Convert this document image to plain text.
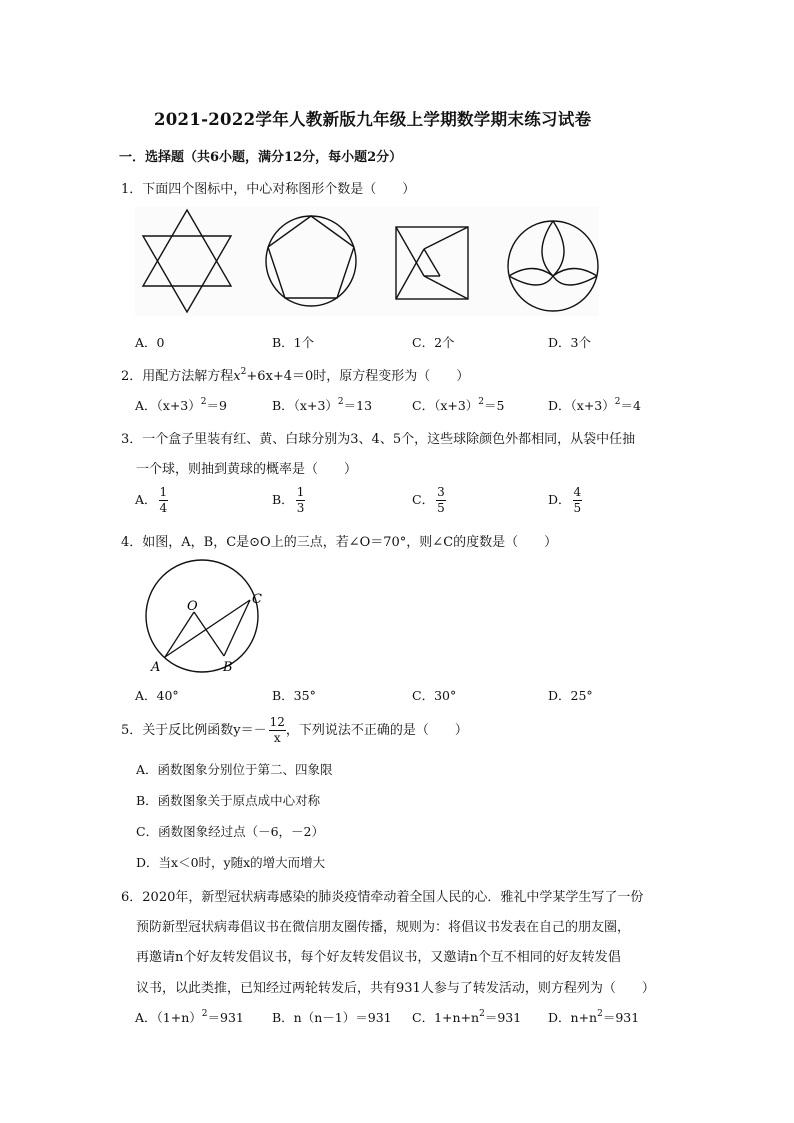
2021-2022学年人教新版九年级上学期数学期末练习试卷
一．选择题（共6小题，满分12分，每小题2分）
1．下面四个图标中，中心对称图形个数是（　　）
A．0	B．1个	C．2个	D．3个
2．用配方法解方程$x^2+6x+4=0$时，原方程变形为（　　）
A．$(x+3)^2=9$	B．$(x+3)^2=13$	C．$(x+3)^2=5$	D．$(x+3)^2=4$
3．一个盒子里装有红、黄、白球分别为3、4、5个，这些球除颜色外都相同，从袋中任抽
一个球，则抽到黄球的概率是（　　）
A． $\frac{1}{4}$	B． $\frac{1}{3}$	C． $\frac{3}{5}$	D． $\frac{4}{5}$
4．如图，A，B，C是⊙O上的三点，若∠O＝70°，则∠C的度数是（　　）
O
A	B
C
A．40°	B．35°	C．30°	D．25°
5．关于反比例函数$y=- \frac{12}{x}$ ，下列说法不正确的是（　　）
A．函数图象分别位于第二、四象限
B．函数图象关于原点成中心对称
C．函数图象经过点（－6，－2）
D．当x＜0时，y随x的增大而增大
6．2020年，新型冠状病毒感染的肺炎疫情牵动着全国人民的心．雅礼中学某学生写了一份
预防新型冠状病毒倡议书在微信朋友圈传播，规则为：将倡议书发表在自己的朋友圈，
再邀请n个好友转发倡议书，每个好友转发倡议书，又邀请n个互不相同的好友转发倡
议书，以此类推，已知经过两轮转发后，共有931人参与了转发活动，则方程列为（　　）
A．$(1+n)^2=931$ B．n（n－1）＝931 C．$1+n+n^2=931$ D．$n+n^2=931$
